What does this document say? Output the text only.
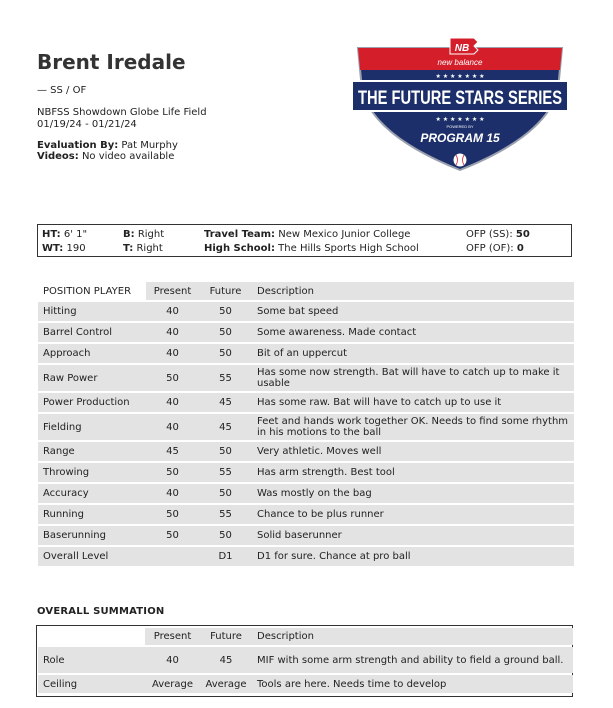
Brent Iredale
— SS / OF
NBFSS Showdown Globe Life Field
01/19/24 - 01/21/24
Evaluation By: Pat Murphy
Videos: No video available
NB
new balance
★ ★ ★ ★ ★ ★ ★
THE FUTURE STARS SERIES
★ ★ ★ ★ ★ ★ ★
POWERED BY
PROGRAM 15
HT: 6' 1"
WT: 190
B: Right
T: Right
Travel Team: New Mexico Junior College
High School: The Hills Sports High School
OFP (SS): 50
OFP (OF): 0
POSITION PLAYER	Present	Future	Description
Hitting	40	50	Some bat speed
Barrel Control	40	50	Some awareness. Made contact
Approach	40	50	Bit of an uppercut
Raw Power	50	55	Has some now strength. Bat will have to catch up to make it usable
Power Production	40	45	Has some raw. Bat will have to catch up to use it
Fielding	40	45	Feet and hands work together OK. Needs to find some rhythm in his motions to the ball
Range	45	50	Very athletic. Moves well
Throwing	50	55	Has arm strength. Best tool
Accuracy	40	50	Was mostly on the bag
Running	50	55	Chance to be plus runner
Baserunning	50	50	Solid baserunner
Overall Level		D1	D1 for sure. Chance at pro ball
OVERALL SUMMATION
	Present	Future	Description
Role	40	45	MIF with some arm strength and ability to field a ground ball.
Ceiling	Average	Average	Tools are here. Needs time to develop
